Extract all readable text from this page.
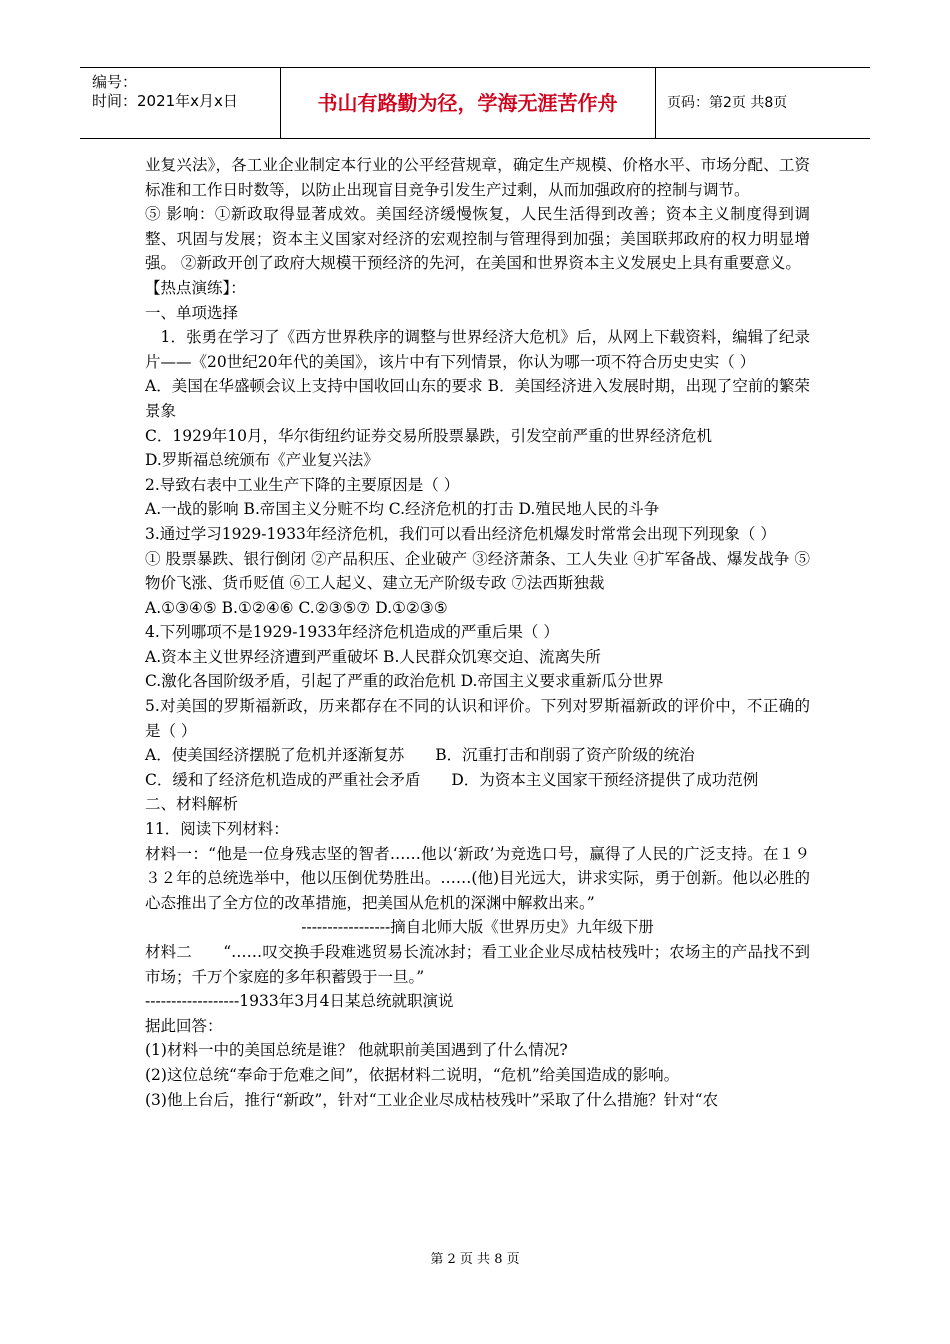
编号：
时间：2021年x月x日	书山有路勤为径，学海无涯苦作舟	页码：第2页 共8页

业复兴法》，各工业企业制定本行业的公平经营规章，确定生产规模、价格水平、市场分配、工资标准和工作日时数等，以防止出现盲目竞争引发生产过剩，从而加强政府的控制与调节。

⑤ 影响：①新政取得显著成效。美国经济缓慢恢复，人民生活得到改善；资本主义制度得到调整、巩固与发展；资本主义国家对经济的宏观控制与管理得到加强；美国联邦政府的权力明显增强。 ②新政开创了政府大规模干预经济的先河，在美国和世界资本主义发展史上具有重要意义。

【热点演练】：

一、单项选择

1．张勇在学习了《西方世界秩序的调整与世界经济大危机》后，从网上下载资料，编辑了纪录片——《20世纪20年代的美国》，该片中有下列情景，你认为哪一项不符合历史史实（ ）

A．美国在华盛顿会议上支持中国收回山东的要求 B．美国经济进入发展时期，出现了空前的繁荣景象

C．1929年10月，华尔街纽约证券交易所股票暴跌，引发空前严重的世界经济危机

D.罗斯福总统颁布《产业复兴法》

2.导致右表中工业生产下降的主要原因是（ ）

A.一战的影响 B.帝国主义分赃不均 C.经济危机的打击 D.殖民地人民的斗争

3.通过学习1929-1933年经济危机，我们可以看出经济危机爆发时常常会出现下列现象（ ）

① 股票暴跌、银行倒闭 ②产品积压、企业破产 ③经济萧条、工人失业 ④扩军备战、爆发战争 ⑤物价飞涨、货币贬值 ⑥工人起义、建立无产阶级专政 ⑦法西斯独裁

A.①③④⑤ B.①②④⑥ C.②③⑤⑦ D.①②③⑤

4.下列哪项不是1929-1933年经济危机造成的严重后果（ ）

A.资本主义世界经济遭到严重破坏 B.人民群众饥寒交迫、流离失所

C.激化各国阶级矛盾，引起了严重的政治危机 D.帝国主义要求重新瓜分世界

5.对美国的罗斯福新政，历来都存在不同的认识和评价。下列对罗斯福新政的评价中，不正确的是（ ）

A．使美国经济摆脱了危机并逐渐复苏　　B．沉重打击和削弱了资产阶级的统治

C．缓和了经济危机造成的严重社会矛盾　　D．为资本主义国家干预经济提供了成功范例

二、材料解析

11．阅读下列材料：

材料一：“他是一位身残志坚的智者……他以‘新政’为竞选口号，赢得了人民的广泛支持。在１９３２年的总统选举中，他以压倒优势胜出。……(他)目光远大，讲求实际，勇于创新。他以必胜的心态推出了全方位的改革措施，把美国从危机的深渊中解救出来。”

-----------------摘自北师大版《世界历史》九年级下册

材料二　　“……叹交换手段难逃贸易长流冰封；看工业企业尽成枯枝残叶；农场主的产品找不到市场；千万个家庭的多年积蓄毁于一旦。”

------------------1933年3月4日某总统就职演说

据此回答：

(1)材料一中的美国总统是谁？ 他就职前美国遇到了什么情况?

(2)这位总统“奉命于危难之间”，依据材料二说明，“危机”给美国造成的影响。

(3)他上台后，推行“新政”，针对“工业企业尽成枯枝残叶”采取了什么措施？针对“农

第 2 页 共 8 页
